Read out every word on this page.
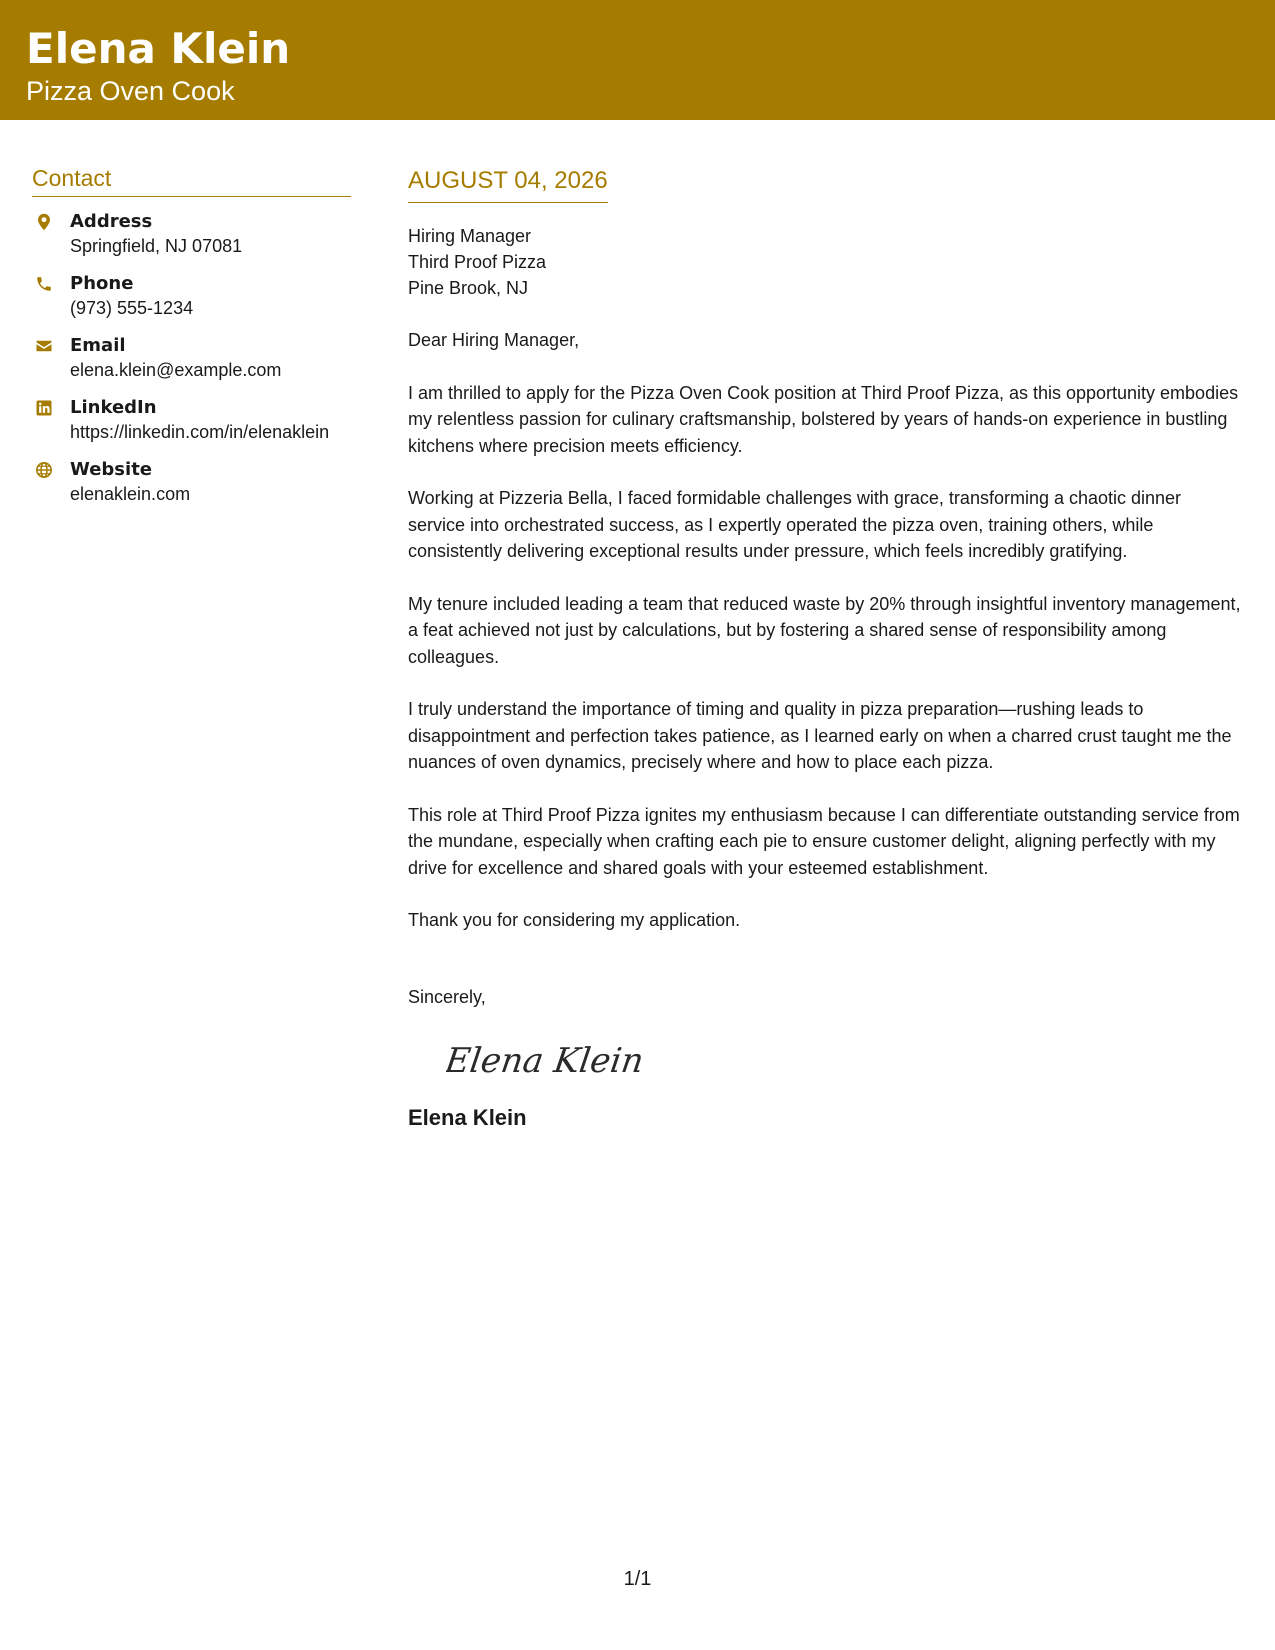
Elena Klein
Pizza Oven Cook
Contact
Address
Springfield, NJ 07081
Phone
(973) 555-1234
Email
elena.klein@example.com
LinkedIn
https://linkedin.com/in/elenaklein
Website
elenaklein.com
AUGUST 04, 2026
Hiring Manager
Third Proof Pizza
Pine Brook, NJ
Dear Hiring Manager,
I am thrilled to apply for the Pizza Oven Cook position at Third Proof Pizza, as this opportunity embodies my relentless passion for culinary craftsmanship, bolstered by years of hands-on experience in bustling kitchens where precision meets efficiency.
Working at Pizzeria Bella, I faced formidable challenges with grace, transforming a chaotic dinner service into orchestrated success, as I expertly operated the pizza oven, training others, while consistently delivering exceptional results under pressure, which feels incredibly gratifying.
My tenure included leading a team that reduced waste by 20% through insightful inventory management, a feat achieved not just by calculations, but by fostering a shared sense of responsibility among colleagues.
I truly understand the importance of timing and quality in pizza preparation—rushing leads to disappointment and perfection takes patience, as I learned early on when a charred crust taught me the nuances of oven dynamics, precisely where and how to place each pizza.
This role at Third Proof Pizza ignites my enthusiasm because I can differentiate outstanding service from the mundane, especially when crafting each pie to ensure customer delight, aligning perfectly with my drive for excellence and shared goals with your esteemed establishment.
Thank you for considering my application.
Sincerely,
Elena Klein
Elena Klein
1/1
